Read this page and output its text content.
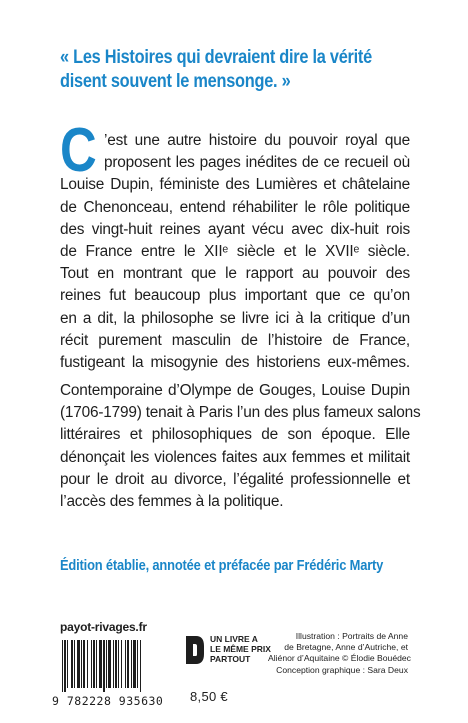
« Les Histoires qui devraient dire la vérité
disent souvent le mensonge. »
C ’est une autre histoire du pouvoir royal que
proposent les pages inédites de ce recueil où
Louise Dupin, féministe des Lumières et châtelaine
de Chenonceau, entend réhabiliter le rôle politique
des vingt-huit reines ayant vécu avec dix-huit rois
de France entre le XIIᵉ siècle et le XVIIᵉ siècle.
Tout en montrant que le rapport au pouvoir des
reines fut beaucoup plus important que ce qu’on
en a dit, la philosophe se livre ici à la critique d’un
récit purement masculin de l’histoire de France,
fustigeant la misogynie des historiens eux-mêmes.
Contemporaine d’Olympe de Gouges, Louise Dupin
(1706-1799) tenait à Paris l’un des plus fameux salons
littéraires et philosophiques de son époque. Elle
dénonçait les violences faites aux femmes et militait
pour le droit au divorce, l’égalité professionnelle et
l’accès des femmes à la politique.
Édition établie, annotée et préfacée par Frédéric Marty
payot-rivages.fr
9 782228 935630
UN LIVRE A
LE MÊME PRIX
PARTOUT
8,50 €
Illustration : Portraits de Anne
de Bretagne, Anne d’Autriche, et
Aliénor d’Aquitaine © Élodie Bouédec
Conception graphique : Sara Deux
